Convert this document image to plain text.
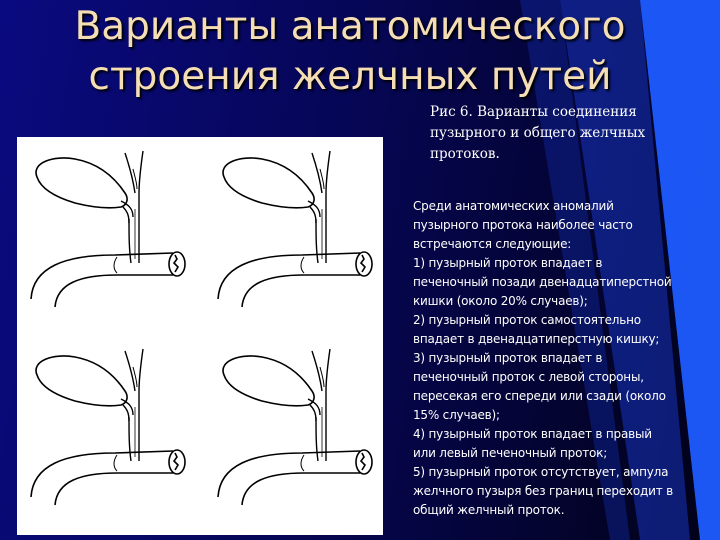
Варианты анатомического
строения желчных путей
Рис 6. Варианты соединения
пузырного и общего желчных
протоков.

Среди анатомических аномалий

пузырного протока наиболее часто

встречаются следующие:

1) пузырный проток впадает в

печеночный позади двенадцатиперстной

кишки (около 20% случаев);

2) пузырный проток самостоятельно

впадает в двенадцатиперстную кишку;

3) пузырный проток впадает в

печеночный проток с левой стороны,

пересекая его спереди или сзади (около

15% случаев);

4) пузырный проток впадает в правый

или левый печеночный проток;

5) пузырный проток отсутствует, ампула

желчного пузыря без границ переходит в

общий желчный проток.
